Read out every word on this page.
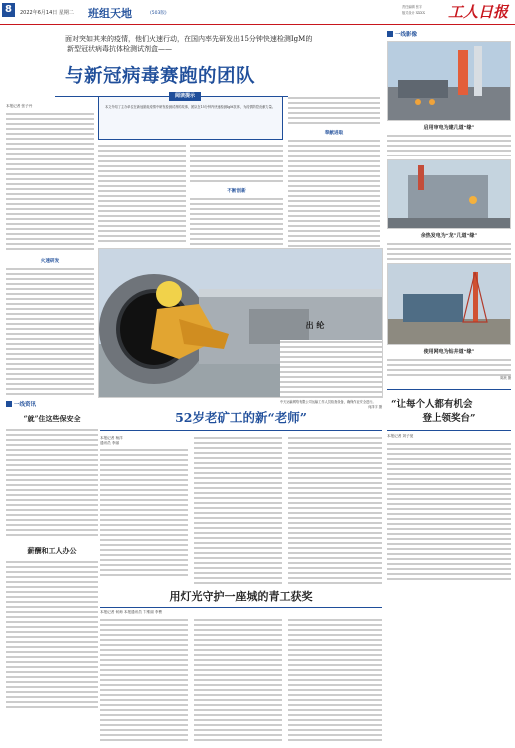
8	2022年6月14日 星期二 班组天地	(503版)
责任编辑 张宇
版式设计 XXXX 工人日报
面对突如其来的疫情，他们火速行动，在国内率先研发出15分钟快速检测IgM的
新型冠状病毒抗体检测试剂盒——
与新冠病毒赛跑的团队
本报记者 张子丹
火速研发
阅读提示
本文介绍了主办单位在新冠肺炎疫情中研发检测试剂的故事，团队在15分钟内快速检测IgM抗体，为疫情防控贡献力量。
不断创新
奉献进取
出 纶
中天运输网络有限公司运输工作人员检查设备，确保作业安全进行。
何泽宇 摄
一线资讯
“就”住这些保安全
薪酬和工人办公
52岁老矿工的新“老师”
本报记者 杨洋
通讯员 李丽
用灯光守护一座城的青工获奖
本报记者 何师 本报通讯员 卞维丽 李曹
一线影像
启用审电为建几道“缘”
余热发电为“龙”几道“缘”
使用网电为钻井道“缘”
陈欣 摄
“让每个人都有机会
登上领奖台”
本报记者 刘子宽
